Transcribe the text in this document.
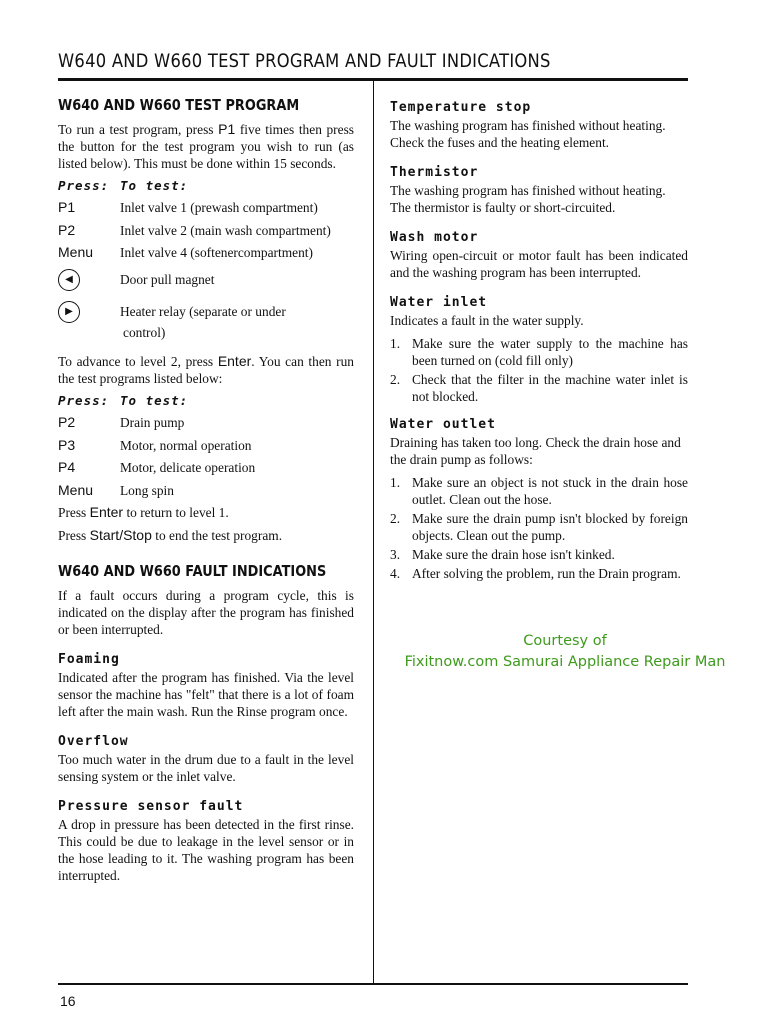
W640 AND W660 TEST PROGRAM AND FAULT INDICATIONS
W640 AND W660 TEST PROGRAM

To run a test program, press P1 five times then press the button for the test program you wish to run (as listed below). This must be done within 15 seconds.

Press: To test:
P1	Inlet valve 1 (prewash compartment)
P2	Inlet valve 2 (main wash compartment)
Menu	Inlet valve 4 (softenercompartment)
◀	Door pull magnet
▶	Heater relay (separate or under
control)

To advance to level 2, press Enter. You can then run the test programs listed below:

Press: To test:
P2	Drain pump
P3	Motor, normal operation
P4	Motor, delicate operation
Menu	Long spin

Press Enter to return to level 1.

Press Start/Stop to end the test program.

W640 AND W660 FAULT INDICATIONS

If a fault occurs during a program cycle, this is indicated on the display after the program has finished or been interrupted.

Foaming

Indicated after the program has finished. Via the level sensor the machine has "felt" that there is a lot of foam left after the main wash. Run the Rinse program once.

Overflow

Too much water in the drum due to a fault in the level sensing system or the inlet valve.

Pressure sensor fault

A drop in pressure has been detected in the first rinse. This could be due to leakage in the level sensor or in the hose leading to it. The washing program has been interrupted.

Temperature stop

The washing program has finished without heating. Check the fuses and the heating element.

Thermistor

The washing program has finished without heating. The thermistor is faulty or short-circuited.

Wash motor

Wiring open-circuit or motor fault has been indicated and the washing program has been interrupted.

Water inlet

Indicates a fault in the water supply.

1. Make sure the water supply to the machine has been turned on (cold fill only)
2. Check that the filter in the machine water inlet is not blocked.
Water outlet

Draining has taken too long. Check the drain hose and the drain pump as follows:

1. Make sure an object is not stuck in the drain hose outlet. Clean out the hose.
2. Make sure the drain pump isn't blocked by foreign objects. Clean out the pump.
3. Make sure the drain hose isn't kinked.
4. After solving the problem, run the Drain program.
Courtesy of
Fixitnow.com Samurai Appliance Repair Man
16
